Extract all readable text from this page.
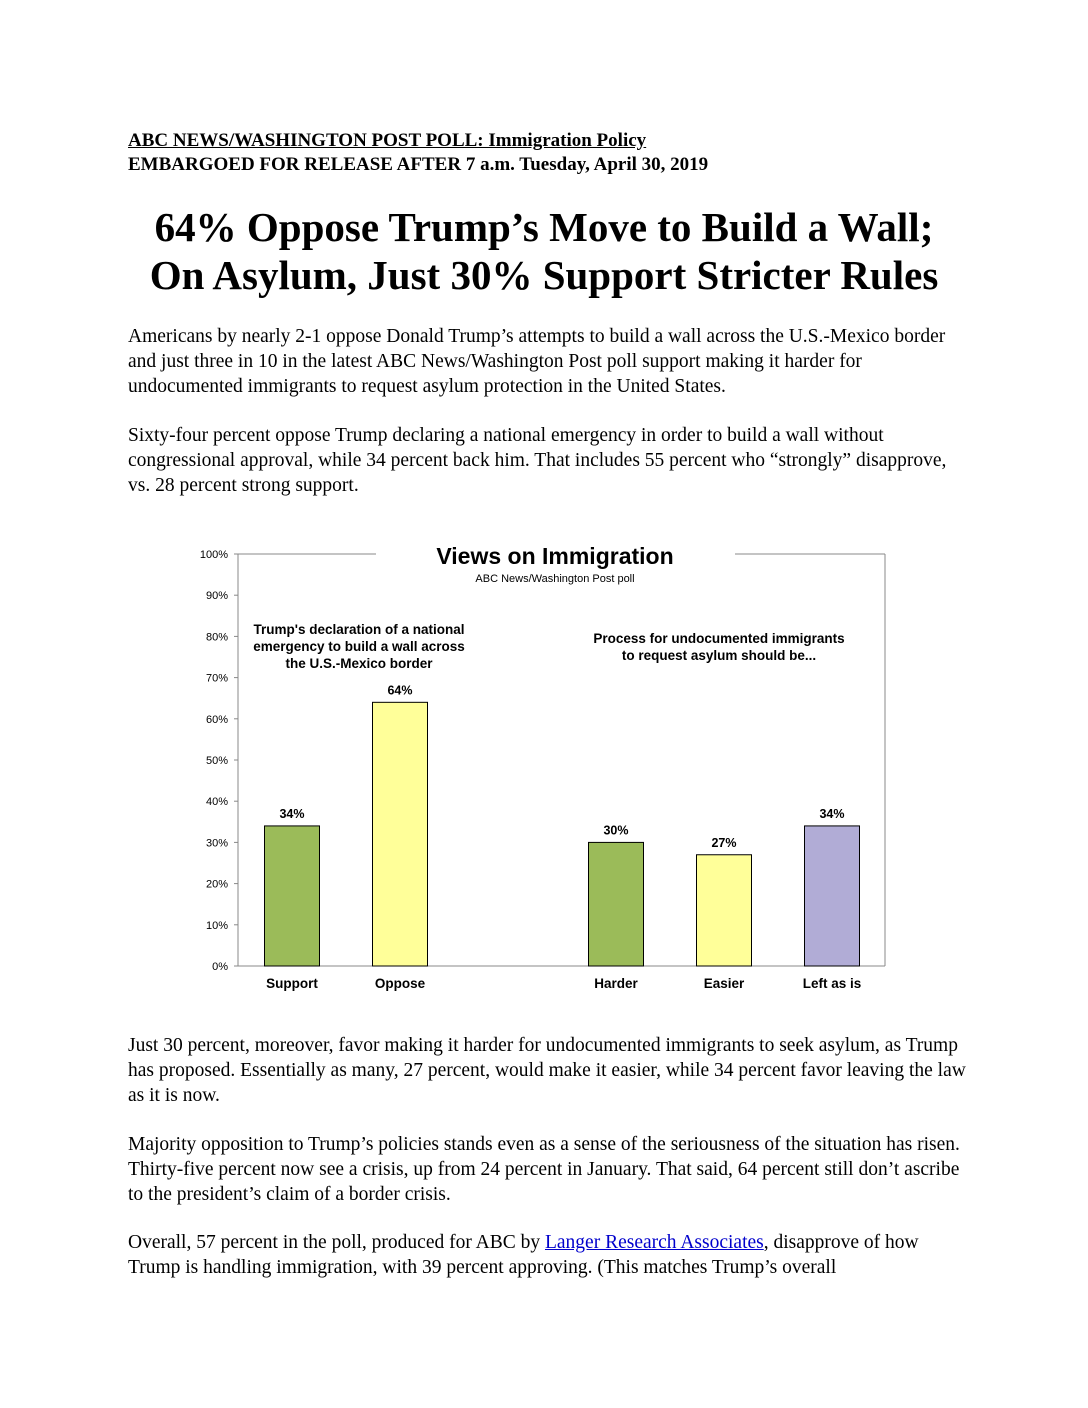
ABC NEWS/WASHINGTON POST POLL: Immigration Policy
EMBARGOED FOR RELEASE AFTER 7 a.m. Tuesday, April 30, 2019
64% Oppose Trump’s Move to Build a Wall;
On Asylum, Just 30% Support Stricter Rules

Americans by nearly 2-1 oppose Donald Trump’s attempts to build a wall across the U.S.-Mexico border and just three in 10 in the latest ABC News/Washington Post poll support making it harder for undocumented immigrants to request asylum protection in the United States.

Sixty-four percent oppose Trump declaring a national emergency in order to build a wall without congressional approval, while 34 percent back him. That includes 55 percent who “strongly” disapprove, vs. 28 percent strong support.

0%
10%
20%
30%
40%
50%
60%
70%
80%
90%
100%	Views on Immigration
ABC News/Washington Post poll
Trump's declaration of a national
emergency to build a wall across
the U.S.-Mexico border
Process for undocumented immigrants
to request asylum should be...
34%
Support
64%
Oppose
30%
Harder
27%
Easier
34%
Left as is

Just 30 percent, moreover, favor making it harder for undocumented immigrants to seek asylum, as Trump has proposed. Essentially as many, 27 percent, would make it easier, while 34 percent favor leaving the law as it is now.

Majority opposition to Trump’s policies stands even as a sense of the seriousness of the situation has risen. Thirty-five percent now see a crisis, up from 24 percent in January. That said, 64 percent still don’t ascribe to the president’s claim of a border crisis.

Overall, 57 percent in the poll, produced for ABC by Langer Research Associates, disapprove of how Trump is handling immigration, with 39 percent approving. (This matches Trump’s overall
